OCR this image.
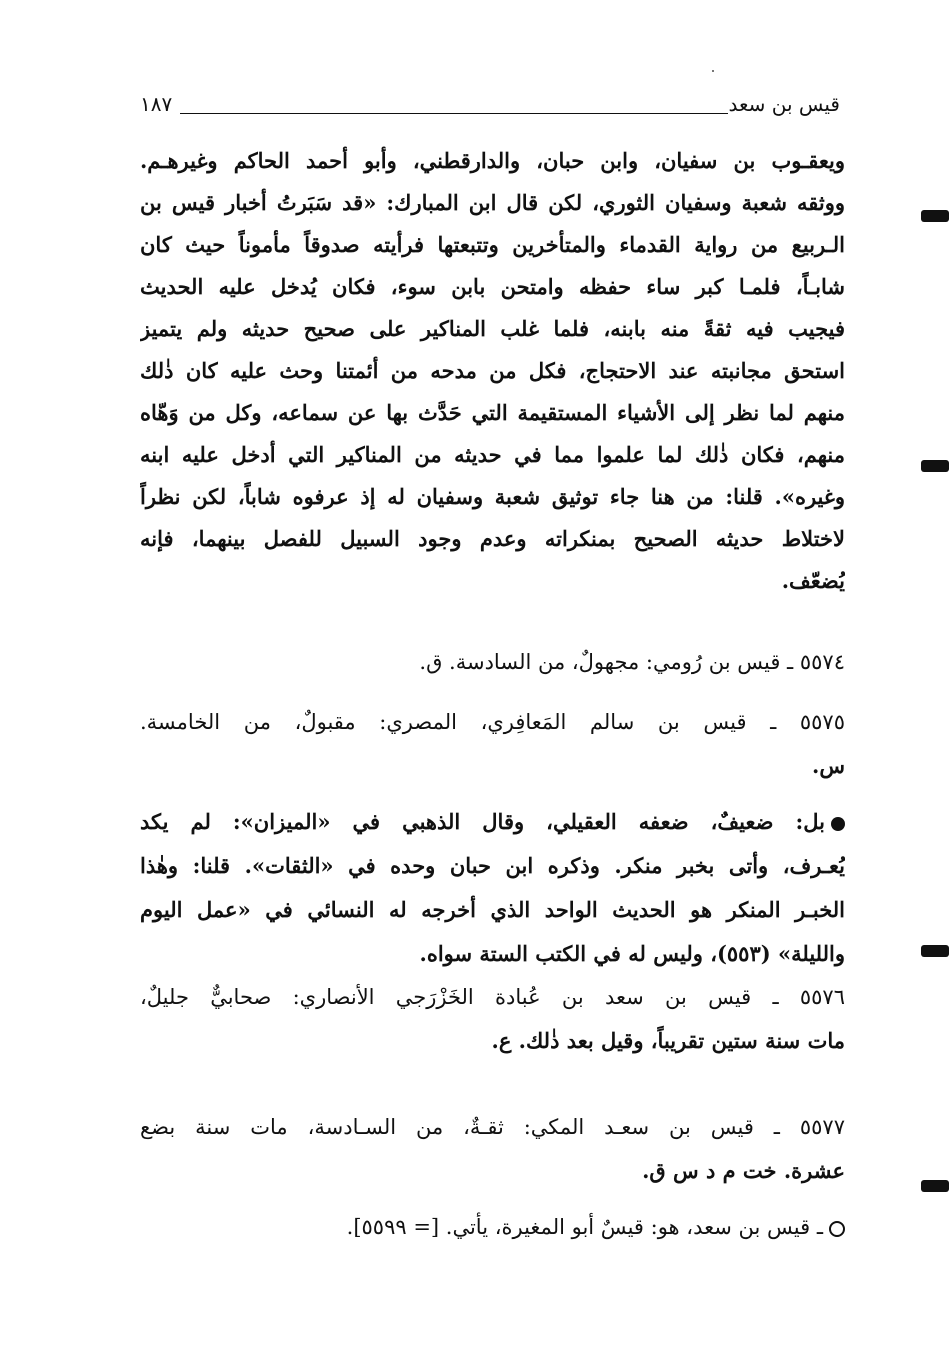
قيس بن سعد
١٨٧
ويعقـوب بن سفيان، وابن حبان، والدارقطني، وأبو أحمد الحاكم وغيرهـم.
ووثقه شعبة وسفيان الثوري، لكن قال ابن المبارك: «قد سَبَرتُ أخبار قيس بن
الـربيع من رواية القدماء والمتأخرين وتتبعتها فرأيته صدوقاً مأموناً حيث كان
شابـاً، فلمـا كبر ساء حفظه وامتحن بابن سوء، فكان يُدخل عليه الحديث
فيجيب فيه ثقةً منه بابنه، فلما غلب المناكير على صحيح حديثه ولم يتميز
استحق مجانبته عند الاحتجاج، فكل من مدحه من أئمتنا وحث عليه كان ذٰلك
منهم لما نظر إلى الأشياء المستقيمة التي حَدَّث بها عن سماعه، وكل من وَهّاه
منهم، فكان ذٰلك لما علموا مما في حديثه من المناكير التي أدخل عليه ابنه
وغيره». قلنا: من هنا جاء توثيق شعبة وسفيان له إذ عرفوه شاباً، لكن نظراً
لاختلاط حديثه الصحيح بمنكراته وعدم وجود السبيل للفصل بينهما، فإنه
يُضعّف.
٥٥٧٤ ـ قيس بن رُومي: مجهولٌ، من السادسة. ق.
٥٥٧٥ ـ قيس بن سالم المَعافِري، المصري: مقبولٌ، من الخامسة.
س.
بل: ضعيفٌ، ضعفه العقيلي، وقال الذهبي في «الميزان»: لم يكد
يُعـرف، وأتى بخبر منكر. وذكره ابن حبان وحده في «الثقات». قلنا: وهٰذا
الخبـر المنكر هو الحديث الواحد الذي أخرجه له النسائي في «عمل اليوم
والليلة» (٥٥٣)، وليس له في الكتب الستة سواه.
٥٥٧٦ ـ قيس بن سعد بن عُبادة الخَزْرَجي الأنصاري: صحابيٌّ جليلٌ،
مات سنة ستين تقريباً، وقيل بعد ذٰلك. ع.
٥٥٧٧ ـ قيس بن سعـد المكي: ثقـةٌ، من السـادسة، مات سنة بضع
عشرة. خت م د س ق.
ـ قيس بن سعد، هو: قيسٌ أبو المغيرة، يأتي. [= ٥٥٩٩].
